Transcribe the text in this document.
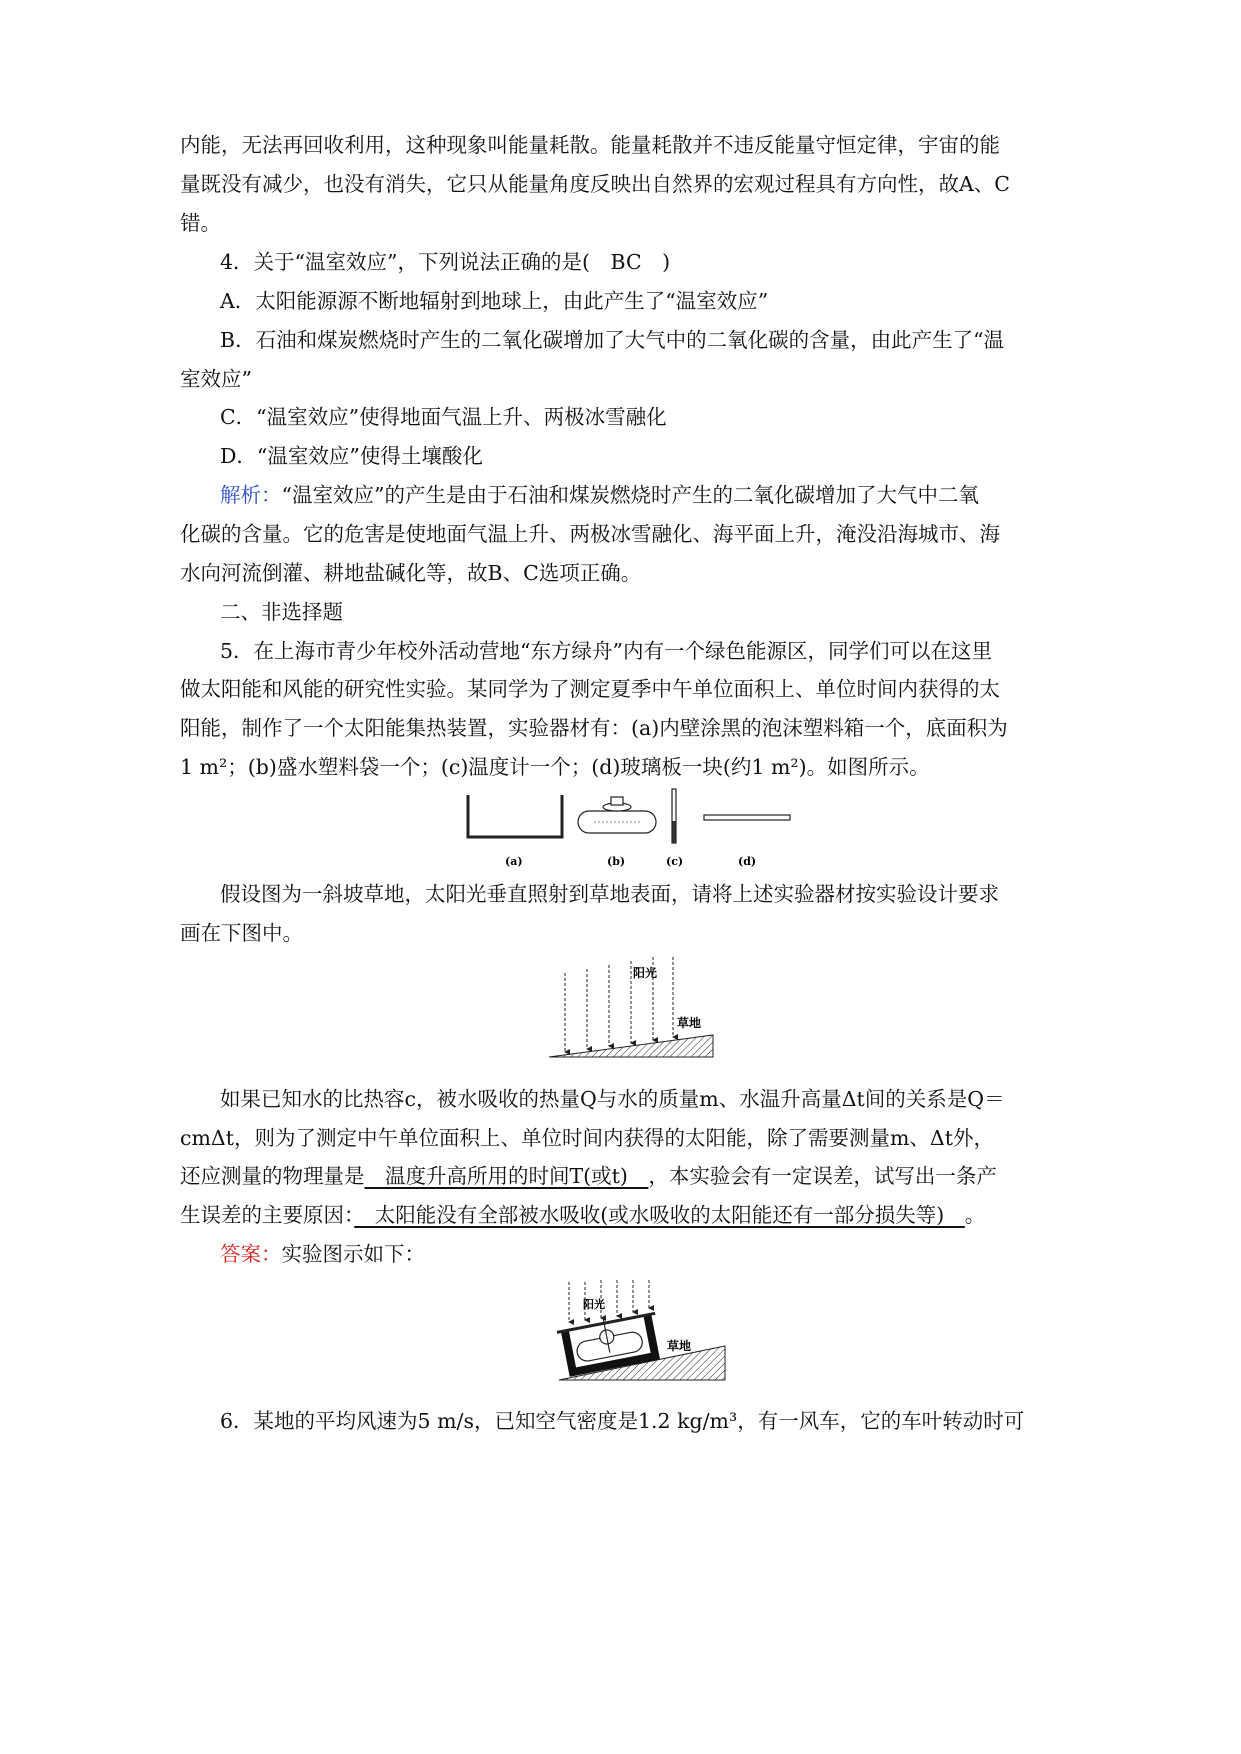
内能，无法再回收利用，这种现象叫能量耗散。能量耗散并不违反能量守恒定律，宇宙的能
量既没有减少，也没有消失，它只从能量角度反映出自然界的宏观过程具有方向性，故A、C
错。
4．关于“温室效应”，下列说法正确的是(　BC　)
A．太阳能源源不断地辐射到地球上，由此产生了“温室效应”
B．石油和煤炭燃烧时产生的二氧化碳增加了大气中的二氧化碳的含量，由此产生了“温
室效应”
C．“温室效应”使得地面气温上升、两极冰雪融化
D．“温室效应”使得土壤酸化
解析：“温室效应”的产生是由于石油和煤炭燃烧时产生的二氧化碳增加了大气中二氧
化碳的含量。它的危害是使地面气温上升、两极冰雪融化、海平面上升，淹没沿海城市、海
水向河流倒灌、耕地盐碱化等，故B、C选项正确。
二、非选择题
5．在上海市青少年校外活动营地“东方绿舟”内有一个绿色能源区，同学们可以在这里
做太阳能和风能的研究性实验。某同学为了测定夏季中午单位面积上、单位时间内获得的太
阳能，制作了一个太阳能集热装置，实验器材有：(a)内壁涂黑的泡沫塑料箱一个，底面积为
1 m²；(b)盛水塑料袋一个；(c)温度计一个；(d)玻璃板一块(约1 m²)。如图所示。
(a)	(b)	(c)	(d)
假设图为一斜坡草地，太阳光垂直照射到草地表面，请将上述实验器材按实验设计要求
画在下图中。
阳光
草地
如果已知水的比热容c，被水吸收的热量Q与水的质量m、水温升高量Δt间的关系是Q＝
cmΔt，则为了测定中午单位面积上、单位时间内获得的太阳能，除了需要测量m、Δt外，
还应测量的物理量是　温度升高所用的时间T(或t)　，本实验会有一定误差，试写出一条产
生误差的主要原因：　太阳能没有全部被水吸收(或水吸收的太阳能还有一部分损失等)　。
答案：实验图示如下：
阳光
草地
6．某地的平均风速为5 m/s，已知空气密度是1.2 kg/m³，有一风车，它的车叶转动时可
